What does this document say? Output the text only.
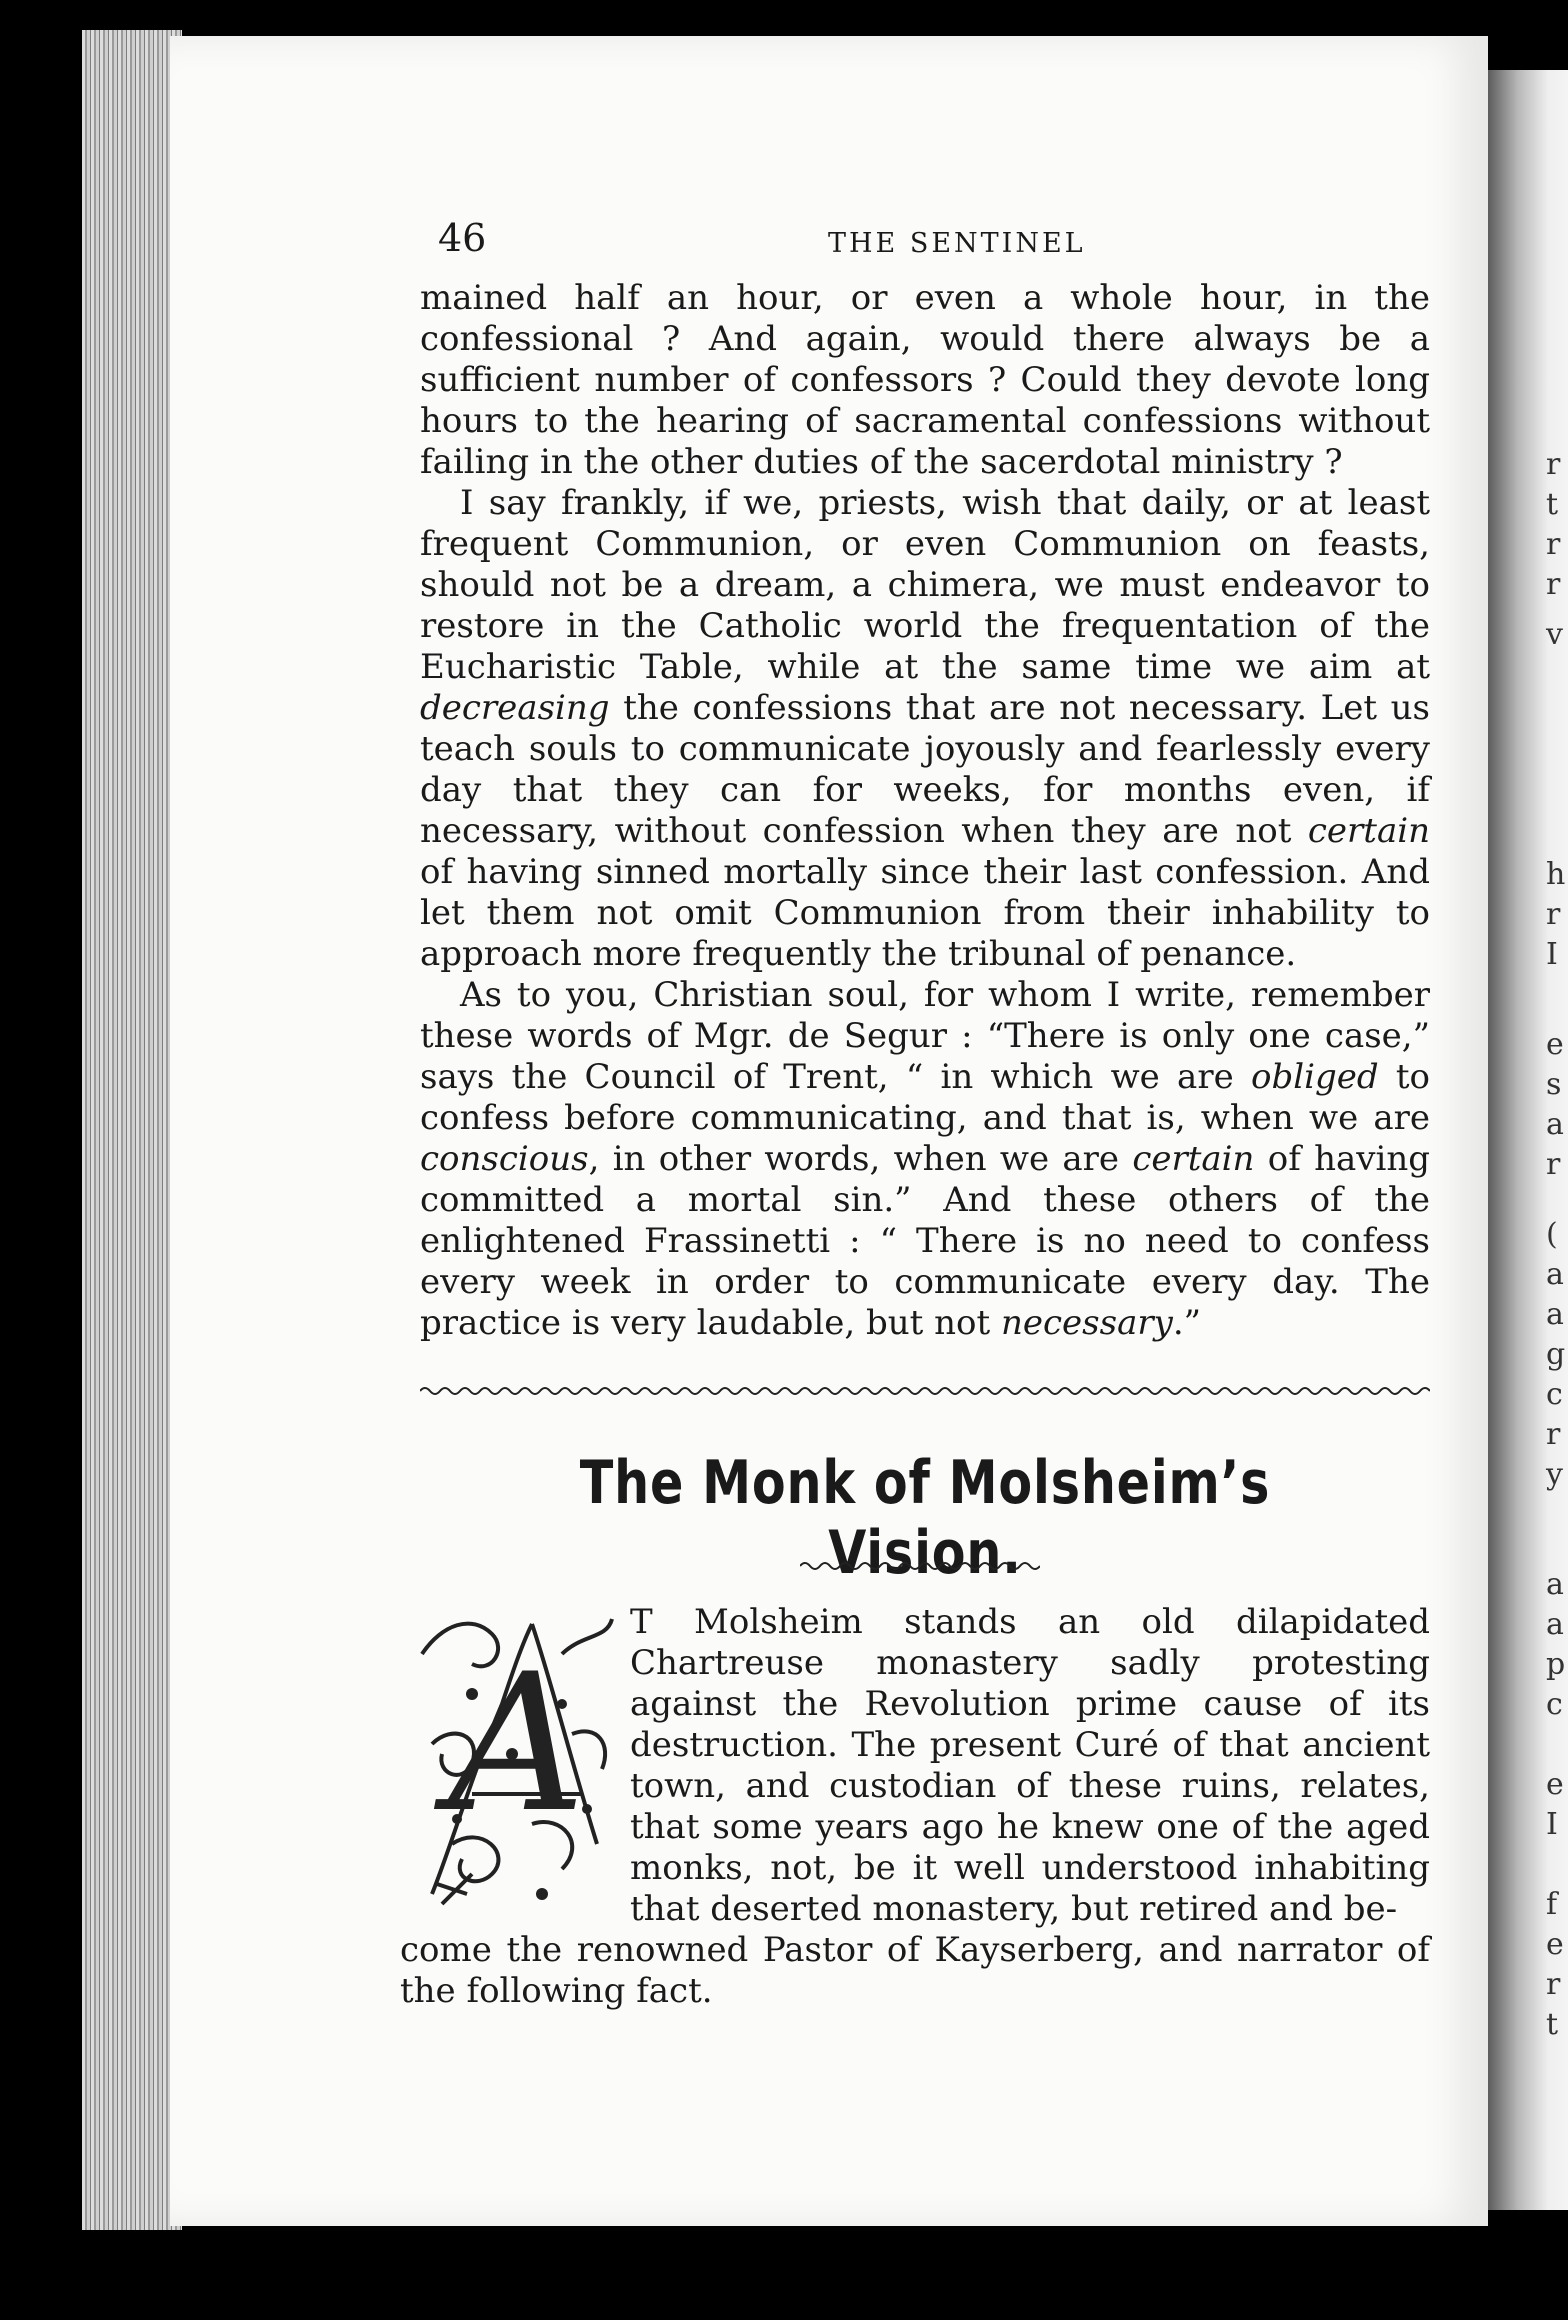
r
t
r
r
v
h
r
I
e
s
a
r
(
a
a
g
c
r
y
a
a
p
c
e
I
f
e
r
t
46	THE SENTINEL

mained half an hour, or even a whole hour, in the confessional ? And again, would there always be a sufficient number of confessors ? Could they devote long hours to the hearing of sacramental confessions without failing in the other duties of the sacerdotal ministry ?

I say frankly, if we, priests, wish that daily, or at least frequent Communion, or even Communion on feasts, should not be a dream, a chimera, we must endeavor to restore in the Catholic world the frequentation of the Eucharistic Table, while at the same time we aim at decreasing the confessions that are not necessary. Let us teach souls to communicate joyously and fearlessly every day that they can for weeks, for months even, if necessary, without confession when they are not certain of having sinned mortally since their last confession. And let them not omit Communion from their inhability to approach more frequently the tribunal of penance.

As to you, Christian soul, for whom I write, remember these words of Mgr. de Segur : “There is only one case,” says the Council of Trent, “ in which we are obliged to confess before communicating, and that is, when we are conscious, in other words, when we are certain of having committed a mortal sin.” And these others of the enlightened Frassinetti : “ There is no need to confess every week in order to communicate every day. The practice is very laudable, but not necessary.”

The Monk of Molsheim’s Vision.
A
T Molsheim stands an old dilapidated Chartreuse monastery sadly protesting against the Revolution prime cause of its destruction. The present Curé of that ancient town, and custodian of these ruins, relates, that some years ago he knew one of the aged monks, not, be it well understood inhabiting that deserted monastery, but retired and be-
come the renowned Pastor of Kayserberg, and narrator of the following fact.
